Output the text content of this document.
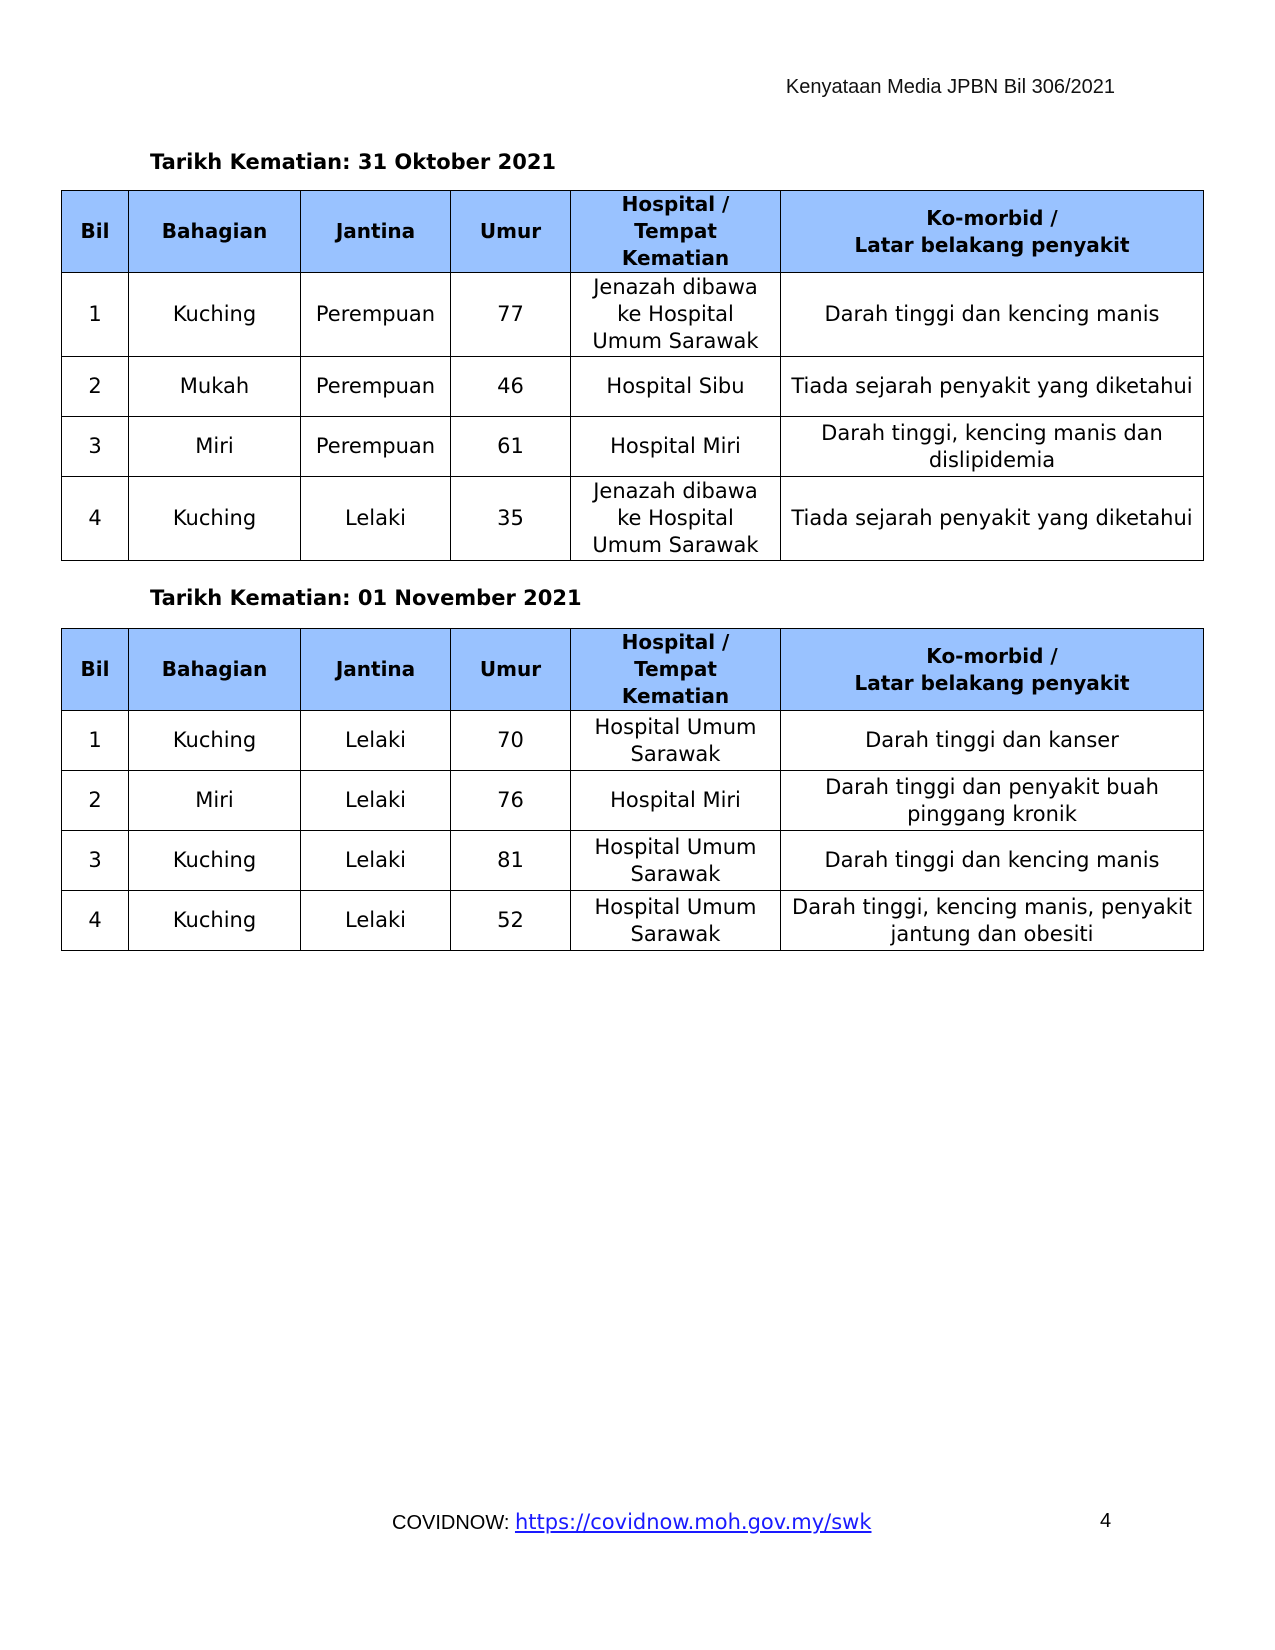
Kenyataan Media JPBN Bil 306/2021
Tarikh Kematian: 31 Oktober 2021
Bil	Bahagian	Jantina	Umur	Hospital /
Tempat Kematian	Ko-morbid /
Latar belakang penyakit
1	Kuching	Perempuan	77	Jenazah dibawa ke Hospital Umum Sarawak	Darah tinggi dan kencing manis
2	Mukah	Perempuan	46	Hospital Sibu	Tiada sejarah penyakit yang diketahui
3	Miri	Perempuan	61	Hospital Miri	Darah tinggi, kencing manis dan dislipidemia
4	Kuching	Lelaki	35	Jenazah dibawa ke Hospital Umum Sarawak	Tiada sejarah penyakit yang diketahui
Tarikh Kematian: 01 November 2021
Bil	Bahagian	Jantina	Umur	Hospital /
Tempat Kematian	Ko-morbid /
Latar belakang penyakit
1	Kuching	Lelaki	70	Hospital Umum Sarawak	Darah tinggi dan kanser
2	Miri	Lelaki	76	Hospital Miri	Darah tinggi dan penyakit buah pinggang kronik
3	Kuching	Lelaki	81	Hospital Umum Sarawak	Darah tinggi dan kencing manis
4	Kuching	Lelaki	52	Hospital Umum Sarawak	Darah tinggi, kencing manis, penyakit jantung dan obesiti
COVIDNOW: https://covidnow.moh.gov.my/swk	4
